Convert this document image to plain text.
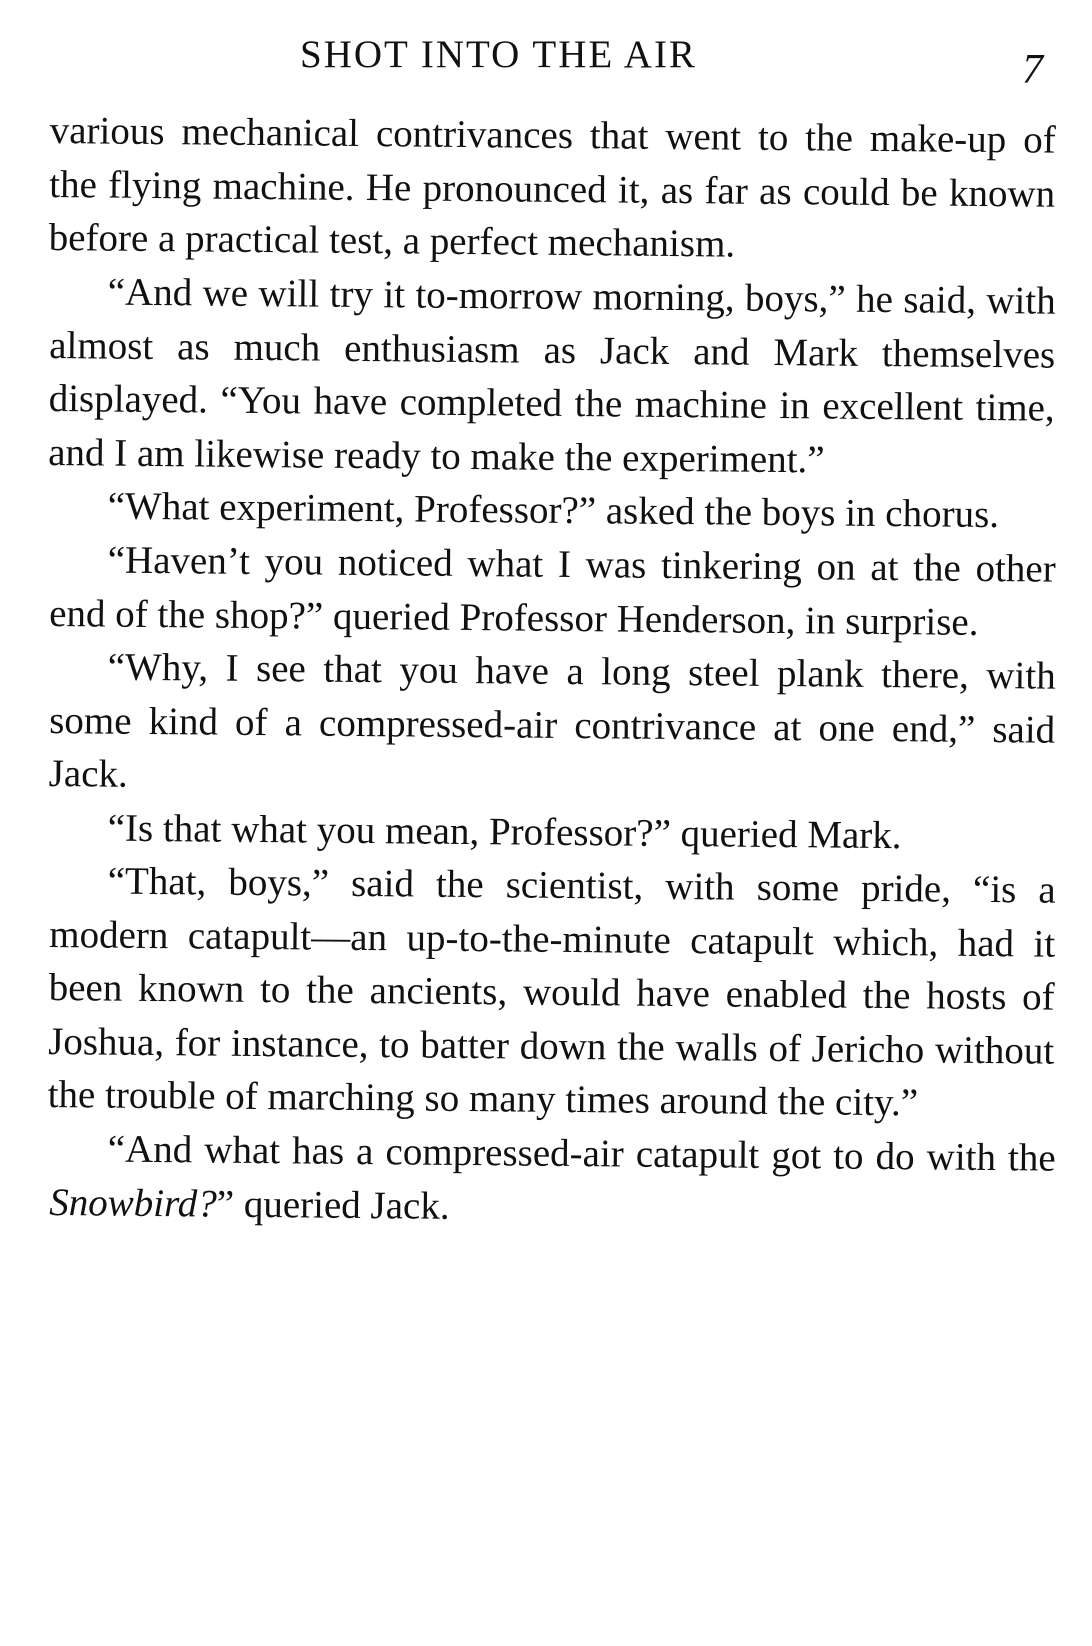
SHOT INTO THE AIR	7

various mechanical contrivances that went to the make-up of the flying machine. He pronounced it, as far as could be known before a practical test, a perfect mechanism.

“And we will try it to-morrow morning, boys,” he said, with almost as much enthusiasm as Jack and Mark themselves displayed. “You have completed the machine in excellent time, and I am likewise ready to make the experiment.”

“What experiment, Professor?” asked the boys in chorus.

“Haven’t you noticed what I was tinkering on at the other end of the shop?” queried Professor Henderson, in surprise.

“Why, I see that you have a long steel plank there, with some kind of a compressed-air contrivance at one end,” said Jack.

“Is that what you mean, Professor?” queried Mark.

“That, boys,” said the scientist, with some pride, “is a modern catapult—an up-to-the-minute catapult which, had it been known to the ancients, would have enabled the hosts of Joshua, for instance, to batter down the walls of Jericho without the trouble of marching so many times around the city.”

“And what has a compressed-air catapult got to do with the Snowbird?” queried Jack.
